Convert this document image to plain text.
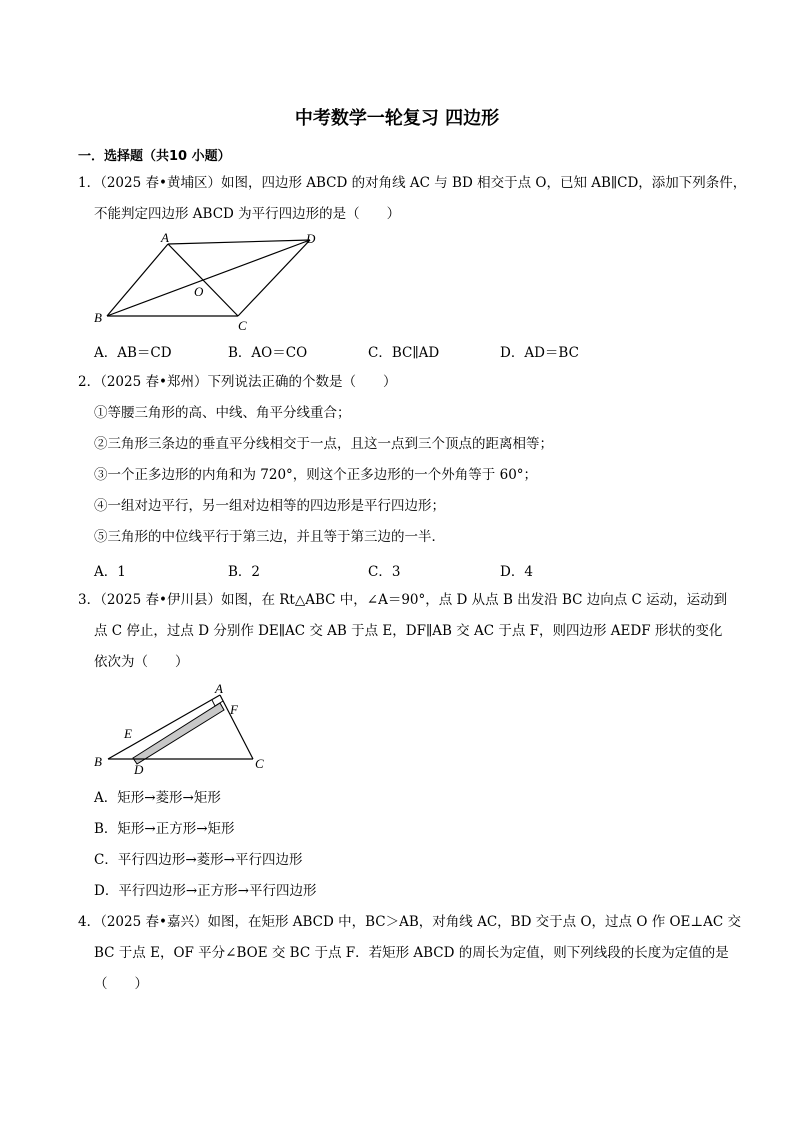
中考数学一轮复习 四边形
一．选择题（共10 小题）
1．（2025 春•黄埔区）如图，四边形 ABCD 的对角线 AC 与 BD 相交于点 O，已知 AB∥CD，添加下列条件，
不能判定四边形 ABCD 为平行四边形的是（　　）
A	D
B
C
O
A．AB＝CD	B．AO＝CO	C．BC∥AD	D．AD＝BC
2．（2025 春•郑州）下列说法正确的个数是（　　）
①等腰三角形的高、中线、角平分线重合；
②三角形三条边的垂直平分线相交于一点，且这一点到三个顶点的距离相等；
③一个正多边形的内角和为 720°，则这个正多边形的一个外角等于 60°；
④一组对边平行，另一组对边相等的四边形是平行四边形；
⑤三角形的中位线平行于第三边，并且等于第三边的一半．
A．1	B．2	C．3	D．4
3．（2025 春•伊川县）如图，在 Rt△ABC 中，∠A＝90°，点 D 从点 B 出发沿 BC 边向点 C 运动，运动到
点 C 停止，过点 D 分别作 DE∥AC 交 AB 于点 E，DF∥AB 交 AC 于点 F，则四边形 AEDF 形状的变化
依次为（　　）
A
F
E
B
D	C
A．矩形→菱形→矩形
B．矩形→正方形→矩形
C．平行四边形→菱形→平行四边形
D．平行四边形→正方形→平行四边形
4．（2025 春•嘉兴）如图，在矩形 ABCD 中，BC＞AB，对角线 AC，BD 交于点 O，过点 O 作 OE⊥AC 交
BC 于点 E，OF 平分∠BOE 交 BC 于点 F．若矩形 ABCD 的周长为定值，则下列线段的长度为定值的是
（　　）
